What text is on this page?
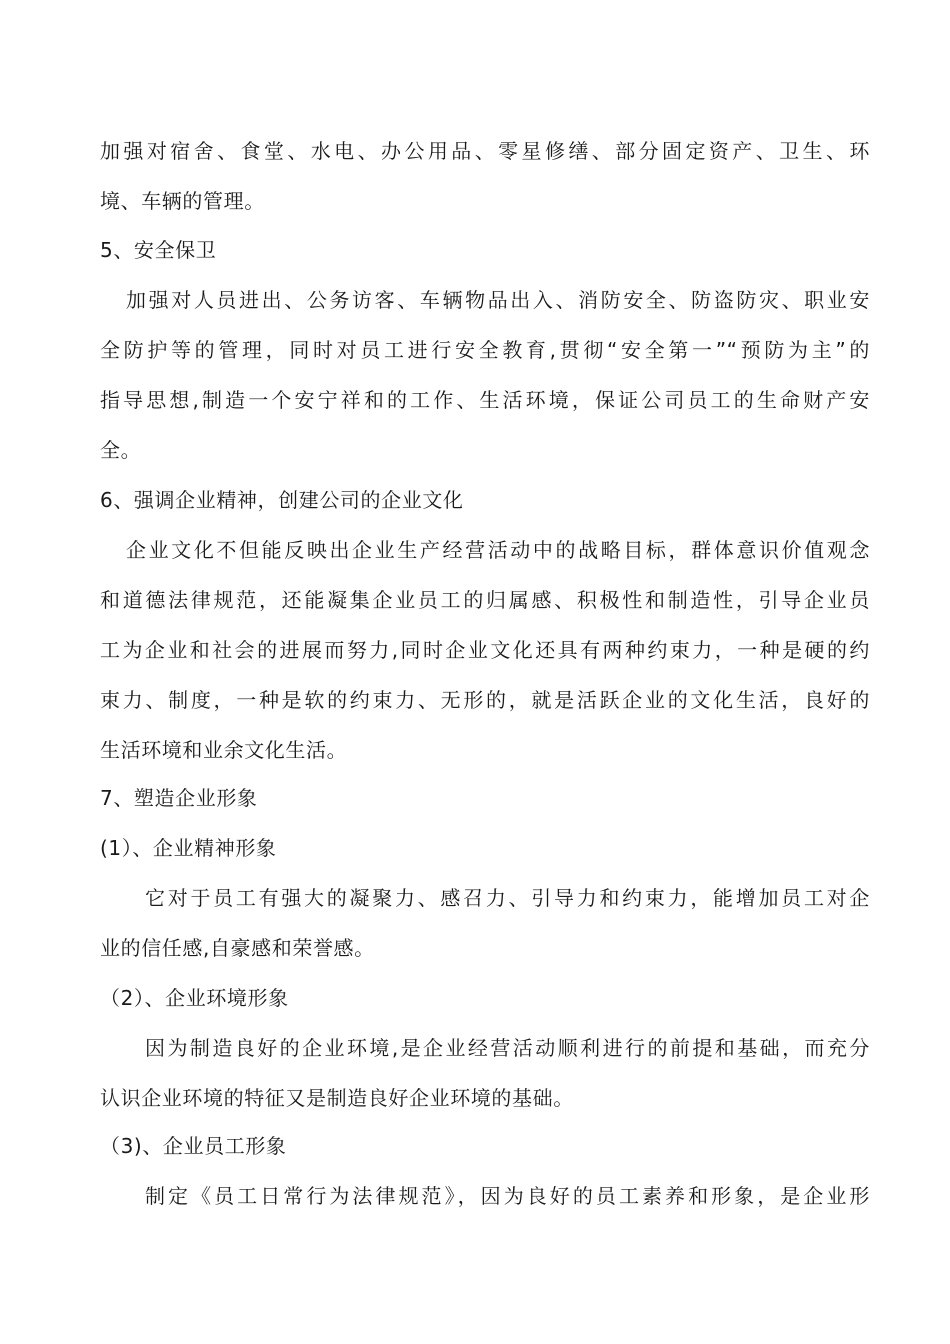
加强对宿舍、食堂、水电、办公用品、零星修缮、部分固定资产、卫生、环
境、车辆的管理。
5、安全保卫
加强对人员进出、公务访客、车辆物品出入、消防安全、防盗防灾、职业安
全防护等的管理，同时对员工进行安全教育,贯彻“安全第一”“预防为主”的
指导思想,制造一个安宁祥和的工作、生活环境，保证公司员工的生命财产安
全。
6、强调企业精神，创建公司的企业文化
企业文化不但能反映出企业生产经营活动中的战略目标，群体意识价值观念
和道德法律规范，还能凝集企业员工的归属感、积极性和制造性，引导企业员
工为企业和社会的进展而努力,同时企业文化还具有两种约束力，一种是硬的约
束力、制度，一种是软的约束力、无形的，就是活跃企业的文化生活，良好的
生活环境和业余文化生活。
7、塑造企业形象
(1）、企业精神形象
它对于员工有强大的凝聚力、感召力、引导力和约束力，能增加员工对企
业的信任感,自豪感和荣誉感。
（2）、企业环境形象
因为制造良好的企业环境,是企业经营活动顺利进行的前提和基础，而充分
认识企业环境的特征又是制造良好企业环境的基础。
（3)、企业员工形象
制定《员工日常行为法律规范》，因为良好的员工素养和形象，是企业形
